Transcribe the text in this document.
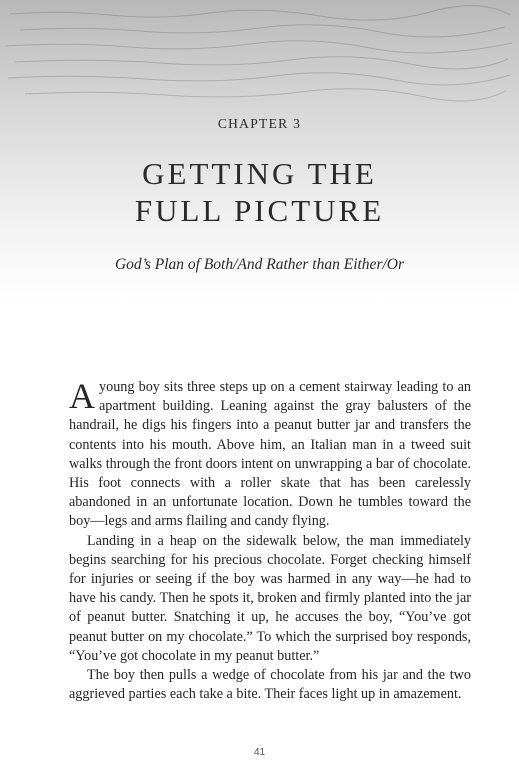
CHAPTER 3
GETTING THE
FULL PICTURE
God’s Plan of Both/And Rather than Either/Or

A young boy sits three steps up on a cement stairway leading to an apartment building. Leaning against the gray balusters of the handrail, he digs his fingers into a peanut butter jar and transfers the contents into his mouth. Above him, an Italian man in a tweed suit walks through the front doors intent on unwrapping a bar of chocolate. His foot connects with a roller skate that has been carelessly abandoned in an unfortunate location. Down he tumbles toward the boy—legs and arms flailing and candy flying.

Landing in a heap on the sidewalk below, the man immediately begins searching for his precious chocolate. Forget checking himself for injuries or seeing if the boy was harmed in any way—he had to have his candy. Then he spots it, broken and firmly planted into the jar of peanut butter. Snatching it up, he accuses the boy, “You’ve got peanut butter on my chocolate.” To which the surprised boy responds, “You’ve got chocolate in my peanut butter.”

The boy then pulls a wedge of chocolate from his jar and the two aggrieved parties each take a bite. Their faces light up in amazement.

41
